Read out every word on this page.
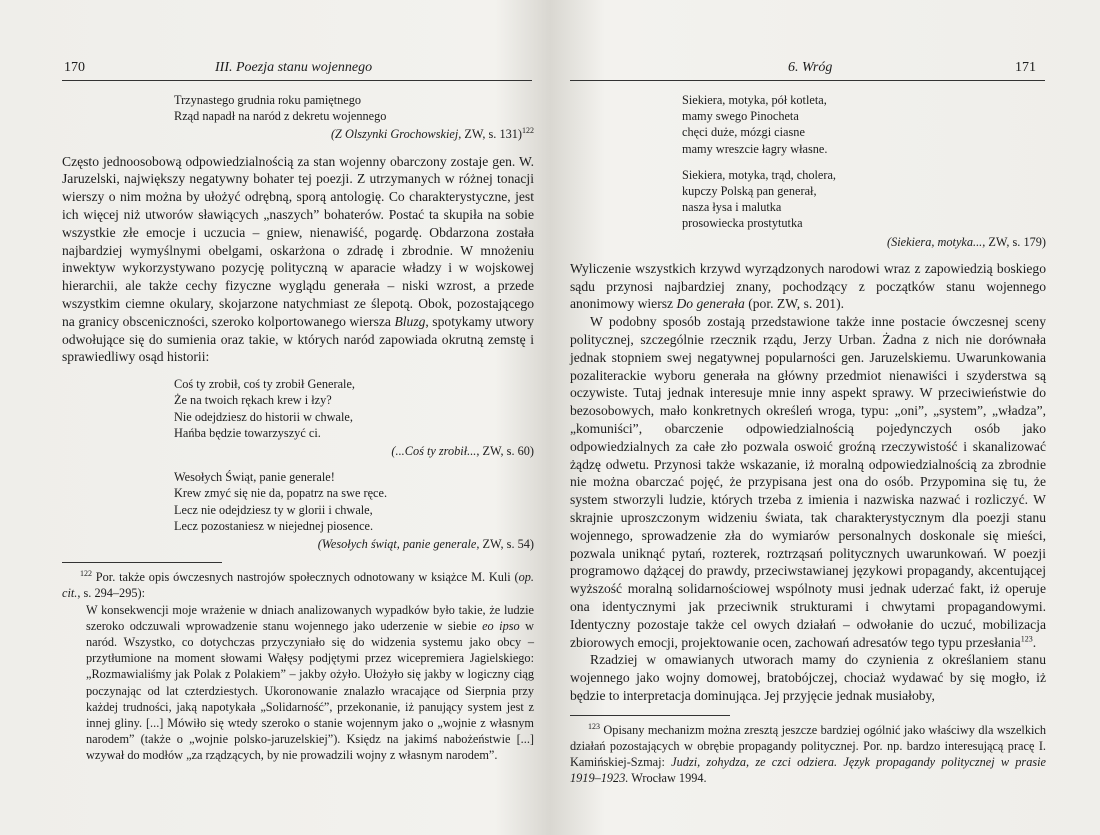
170	III. Poezja stanu wojennego
Trzynastego grudnia roku pamiętnego
Rząd napadł na naród z dekretu wojennego
(Z Olszynki Grochowskiej, ZW, s. 131)$^{122}$
Często jednoosobową odpowiedzialnością za stan wojenny obarczony zostaje gen. W. Jaruzelski, największy negatywny bohater tej poezji. Z utrzymanych w różnej tonacji wierszy o nim można by ułożyć odrębną, sporą antologię. Co charakterystyczne, jest ich więcej niż utworów sławiących „naszych” bohaterów. Postać ta skupiła na sobie wszystkie złe emocje i uczucia – gniew, nienawiść, pogardę. Obdarzona została najbardziej wymyślnymi obelgami, oskarżona o zdradę i zbrodnie. W mnożeniu inwektyw wykorzystywano pozycję polityczną w aparacie władzy i w wojskowej hierarchii, ale także cechy fizyczne wyglądu generała – niski wzrost, a przede wszystkim ciemne okulary, skojarzone natychmiast ze ślepotą. Obok, pozostającego na granicy obsceniczności, szeroko kolportowanego wiersza Bluzg, spotykamy utwory odwołujące się do sumienia oraz takie, w których naród zapowiada okrutną zemstę i sprawiedliwy osąd historii:
Coś ty zrobił, coś ty zrobił Generale,
Że na twoich rękach krew i łzy?
Nie odejdziesz do historii w chwale,
Hańba będzie towarzyszyć ci.
(...Coś ty zrobił..., ZW, s. 60)
Wesołych Świąt, panie generale!
Krew zmyć się nie da, popatrz na swe ręce.
Lecz nie odejdziesz ty w glorii i chwale,
Lecz pozostaniesz w niejednej piosence.
(Wesołych świąt, panie generale, ZW, s. 54)
$^{122}$ Por. także opis ówczesnych nastrojów społecznych odnotowany w książce M. Kuli (op. cit., s. 294–295):
W konsekwencji moje wrażenie w dniach analizowanych wypadków było takie, że ludzie szeroko odczuwali wprowadzenie stanu wojennego jako uderzenie w siebie eo ipso w naród. Wszystko, co dotychczas przyczyniało się do widzenia systemu jako obcy – przytłumione na moment słowami Wałęsy podjętymi przez wicepremiera Jagielskiego: „Rozmawialiśmy jak Polak z Polakiem” – jakby ożyło. Ułożyło się jakby w logiczny ciąg poczynając od lat czterdziestych. Ukoronowanie znalazło wracające od Sierpnia przy każdej trudności, jaką napotykała „Solidarność”, przekonanie, iż panujący system jest z innej gliny. [...] Mówiło się wtedy szeroko o stanie wojennym jako o „wojnie z własnym narodem” (także o „wojnie polsko-jaruzelskiej”). Księdz na jakimś nabożeństwie [...] wzywał do modłów „za rządzących, by nie prowadzili wojny z własnym narodem”.
6. Wróg	171
Siekiera, motyka, pół kotleta,
mamy swego Pinocheta
chęci duże, mózgi ciasne
mamy wreszcie łagry własne.
Siekiera, motyka, trąd, cholera,
kupczy Polską pan generał,
nasza łysa i malutka
prosowiecka prostytutka
(Siekiera, motyka..., ZW, s. 179)
Wyliczenie wszystkich krzywd wyrządzonych narodowi wraz z zapowiedzią boskiego sądu przynosi najbardziej znany, pochodzący z początków stanu wojennego anonimowy wiersz Do generała (por. ZW, s. 201).
W podobny sposób zostają przedstawione także inne postacie ówczesnej sceny politycznej, szczególnie rzecznik rządu, Jerzy Urban. Żadna z nich nie dorównała jednak stopniem swej negatywnej popularności gen. Jaruzelskiemu. Uwarunkowania pozaliterackie wyboru generała na główny przedmiot nienawiści i szyderstwa są oczywiste. Tutaj jednak interesuje mnie inny aspekt sprawy. W przeciwieństwie do bezosobowych, mało konkretnych określeń wroga, typu: „oni”, „system”, „władza”, „komuniści”, obarczenie odpowiedzialnością pojedynczych osób jako odpowiedzialnych za całe zło pozwala oswoić groźną rzeczywistość i skanalizować żądzę odwetu. Przynosi także wskazanie, iż moralną odpowiedzialnością za zbrodnie nie można obarczać pojęć, że przypisana jest ona do osób. Przypomina się tu, że system stworzyli ludzie, których trzeba z imienia i nazwiska nazwać i rozliczyć. W skrajnie uproszczonym widzeniu świata, tak charakterystycznym dla poezji stanu wojennego, sprowadzenie zła do wymiarów personalnych doskonale się mieści, pozwala uniknąć pytań, rozterek, roztrząsań politycznych uwarunkowań. W poezji programowo dążącej do prawdy, przeciwstawianej językowi propagandy, akcentującej wyższość moralną solidarnościowej wspólnoty musi jednak uderzać fakt, iż operuje ona identycznymi jak przeciwnik strukturami i chwytami propagandowymi. Identyczny pozostaje także cel owych działań – odwołanie do uczuć, mobilizacja zbiorowych emocji, projektowanie ocen, zachowań adresatów tego typu przesłania$^{123}$.
Rzadziej w omawianych utworach mamy do czynienia z określaniem stanu wojennego jako wojny domowej, bratobójczej, chociaż wydawać by się mogło, iż będzie to interpretacja dominująca. Jej przyjęcie jednak musiałoby,
$^{123}$ Opisany mechanizm można zresztą jeszcze bardziej ogólnić jako właściwy dla wszelkich działań pozostających w obrębie propagandy politycznej. Por. np. bardzo interesującą pracę I. Kamińskiej-Szmaj: Judzi, zohydza, ze czci odziera. Język propagandy politycznej w prasie 1919–1923. Wrocław 1994.
